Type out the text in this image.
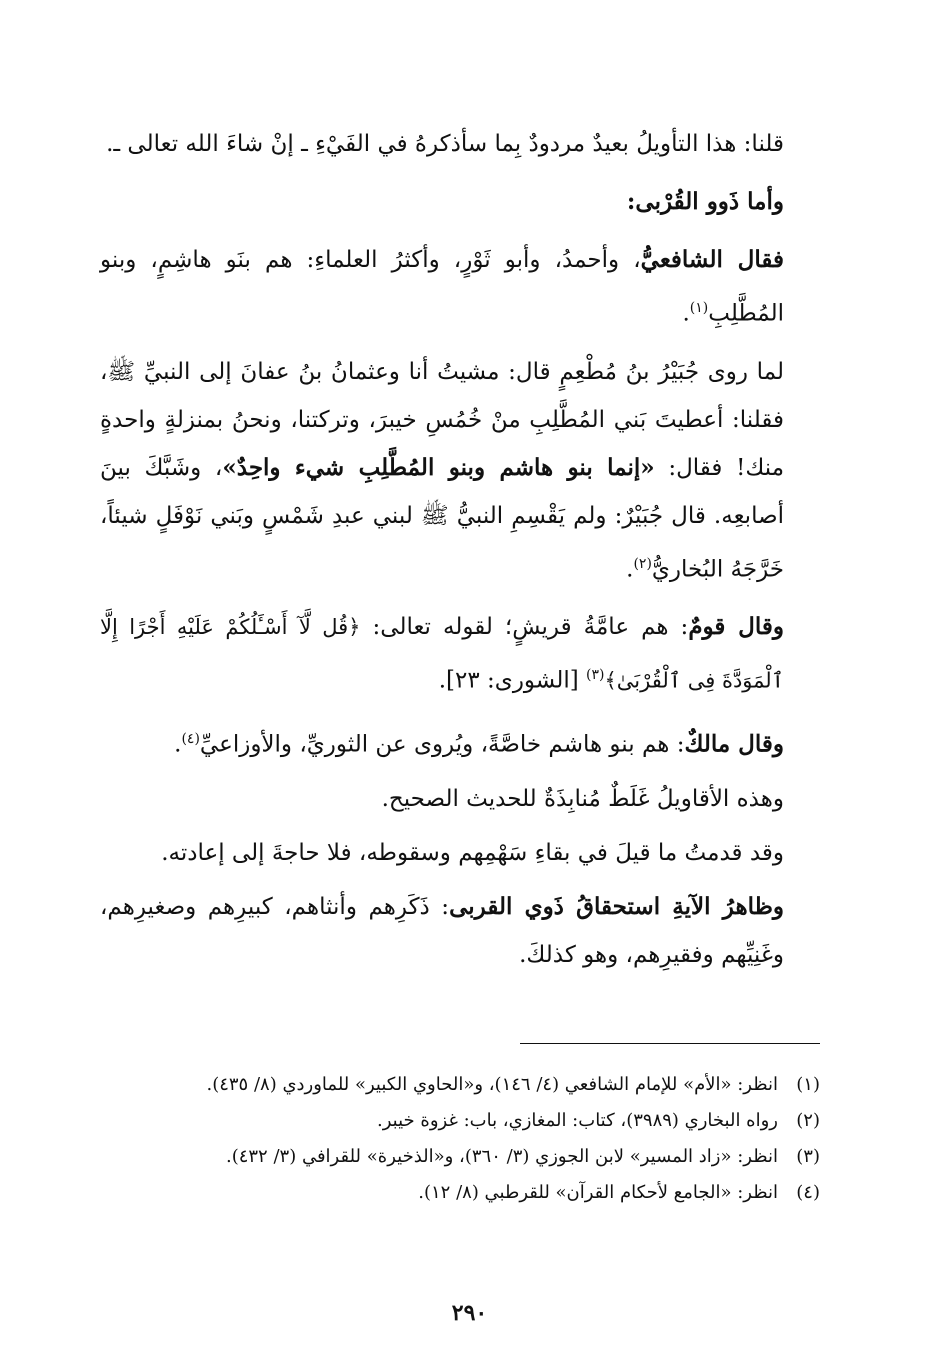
قلنا: هذا التأويلُ بعيدٌ مردودٌ بِما سأذكرهُ في الفَيْءِ ـ إنْ شاءَ الله تعالى ـ.

وأما ذَوو القُرْبى:

فقال الشافعيُّ، وأحمدُ، وأبو ثَوْرٍ، وأكثرُ العلماءِ: هم بنَو هاشِمٍ، وبنو المُطَّلِبِ$^{(١)}$.

لما روى جُبَيْرُ بنُ مُطْعِمٍ قال: مشيتُ أنا وعثمانُ بنُ عفانَ إلى النبيِّ ﷺ، فقلنا: أعطيتَ بَني المُطَّلِبِ منْ خُمُسِ خيبرَ، وتركتنا، ونحنُ بمنزلةٍ واحدةٍ منك! فقال: «إنما بنو هاشم وبنو المُطَّلِبِ شيء واحِدٌ»، وشَبَّكَ بينَ أصابعِه. قال جُبَيْرٌ: ولم يَقْسِمِ النبيُّ ﷺ لبني عبدِ شَمْسٍ وبَني نَوْفَلٍ شيئاً، خَرَّجَهُ البُخاريُّ$^{(٢)}$.

وقال قومٌ: هم عامَّةُ قريشٍ؛ لقوله تعالى: ﴿قُل لَّآ أَسْـَٔلُكُمْ عَلَيْهِ أَجْرًا إِلَّا ٱلْمَوَدَّةَ فِى ٱلْقُرْبَىٰ﴾$^{(٣)}$ [الشورى: ٢٣].

وقال مالكٌ: هم بنو هاشم خاصَّةً، ويُروى عن الثوريِّ، والأوزاعيِّ$^{(٤)}$.

وهذه الأقاويلُ غَلَطٌ مُنابِذَةٌ للحديث الصحيح.

وقد قدمتُ ما قيلَ في بقاءِ سَهْمِهم وسقوطه، فلا حاجةَ إلى إعادته.

وظاهرُ الآيةِ استحقاقُ ذَوي القربى: ذَكَرِهم وأنثاهم، كبيرِهم وصغيرِهم، وغَنِيِّهم وفقيرِهم، وهو كذلكَ.

(١)
انظر: «الأم» للإمام الشافعي (٤/ ١٤٦)، و«الحاوي الكبير» للماوردي (٨/ ٤٣٥).
(٢)
رواه البخاري (٣٩٨٩)، كتاب: المغازي، باب: غزوة خيبر.
(٣)
انظر: «زاد المسير» لابن الجوزي (٣/ ٣٦٠)، و«الذخيرة» للقرافي (٣/ ٤٣٢).
(٤)
انظر: «الجامع لأحكام القرآن» للقرطبي (٨/ ١٢).
٢٩٠
